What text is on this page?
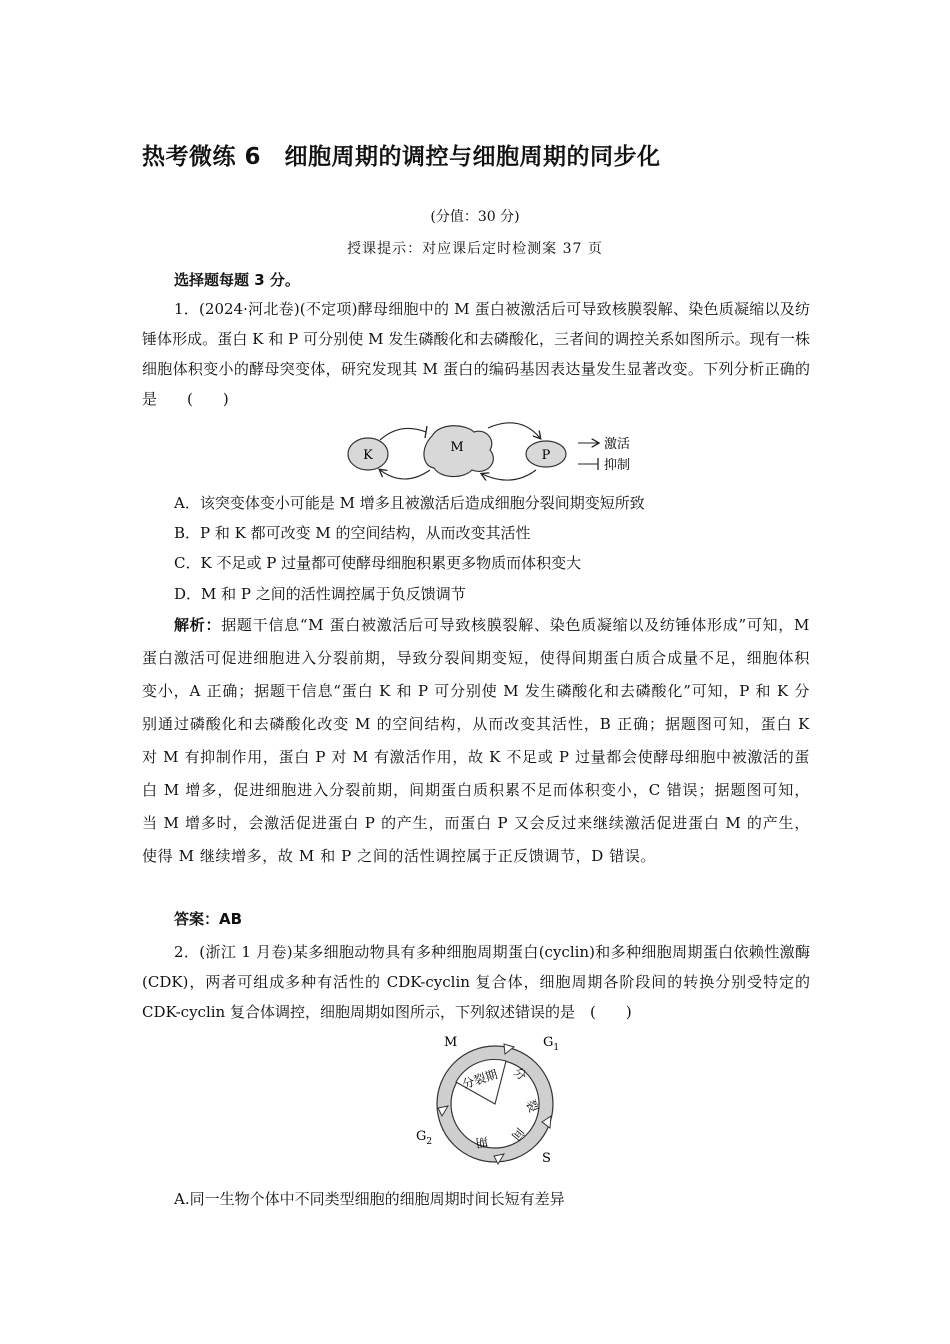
热考微练 6　细胞周期的调控与细胞周期的同步化
(分值：30 分)
授课提示：对应课后定时检测案 37 页

选择题每题 3 分。

1．(2024·河北卷)(不定项)酵母细胞中的 M 蛋白被激活后可导致核膜裂解、染色质凝缩以及纺锤体形成。蛋白 K 和 P 可分别使 M 发生磷酸化和去磷酸化，三者间的调控关系如图所示。现有一株细胞体积变小的酵母突变体，研究发现其 M 蛋白的编码基因表达量发生显著改变。下列分析正确的是　　(　　)

K
M
P
激活
抑制

A．该突变体变小可能是 M 增多且被激活后造成细胞分裂间期变短所致

B．P 和 K 都可改变 M 的空间结构，从而改变其活性

C．K 不足或 P 过量都可使酵母细胞积累更多物质而体积变大

D．M 和 P 之间的活性调控属于负反馈调节

解析：据题干信息“M 蛋白被激活后可导致核膜裂解、染色质凝缩以及纺锤体形成”可知，M 蛋白激活可促进细胞进入分裂前期，导致分裂间期变短，使得间期蛋白质合成量不足，细胞体积变小，A 正确；据题干信息“蛋白 K 和 P 可分别使 M 发生磷酸化和去磷酸化”可知，P 和 K 分别通过磷酸化和去磷酸化改变 M 的空间结构，从而改变其活性，B 正确；据题图可知，蛋白 K 对 M 有抑制作用，蛋白 P 对 M 有激活作用，故 K 不足或 P 过量都会使酵母细胞中被激活的蛋白 M 增多，促进细胞进入分裂前期，间期蛋白质积累不足而体积变小，C 错误；据题图可知，当 M 增多时，会激活促进蛋白 P 的产生，而蛋白 P 又会反过来继续激活促进蛋白 M 的产生，使得 M 继续增多，故 M 和 P 之间的活性调控属于正反馈调节，D 错误。

答案：AB

2．(浙江 1 月卷)某多细胞动物具有多种细胞周期蛋白(cyclin)和多种细胞周期蛋白依赖性激酶(CDK)，两者可组成多种有活性的 CDK-cyclin 复合体，细胞周期各阶段间的转换分别受特定的 CDK-cyclin 复合体调控，细胞周期如图所示，下列叙述错误的是　(　　)

M	$G_1$
S
$G_2$
分裂期 分
裂
间
期

A.同一生物个体中不同类型细胞的细胞周期时间长短有差异
